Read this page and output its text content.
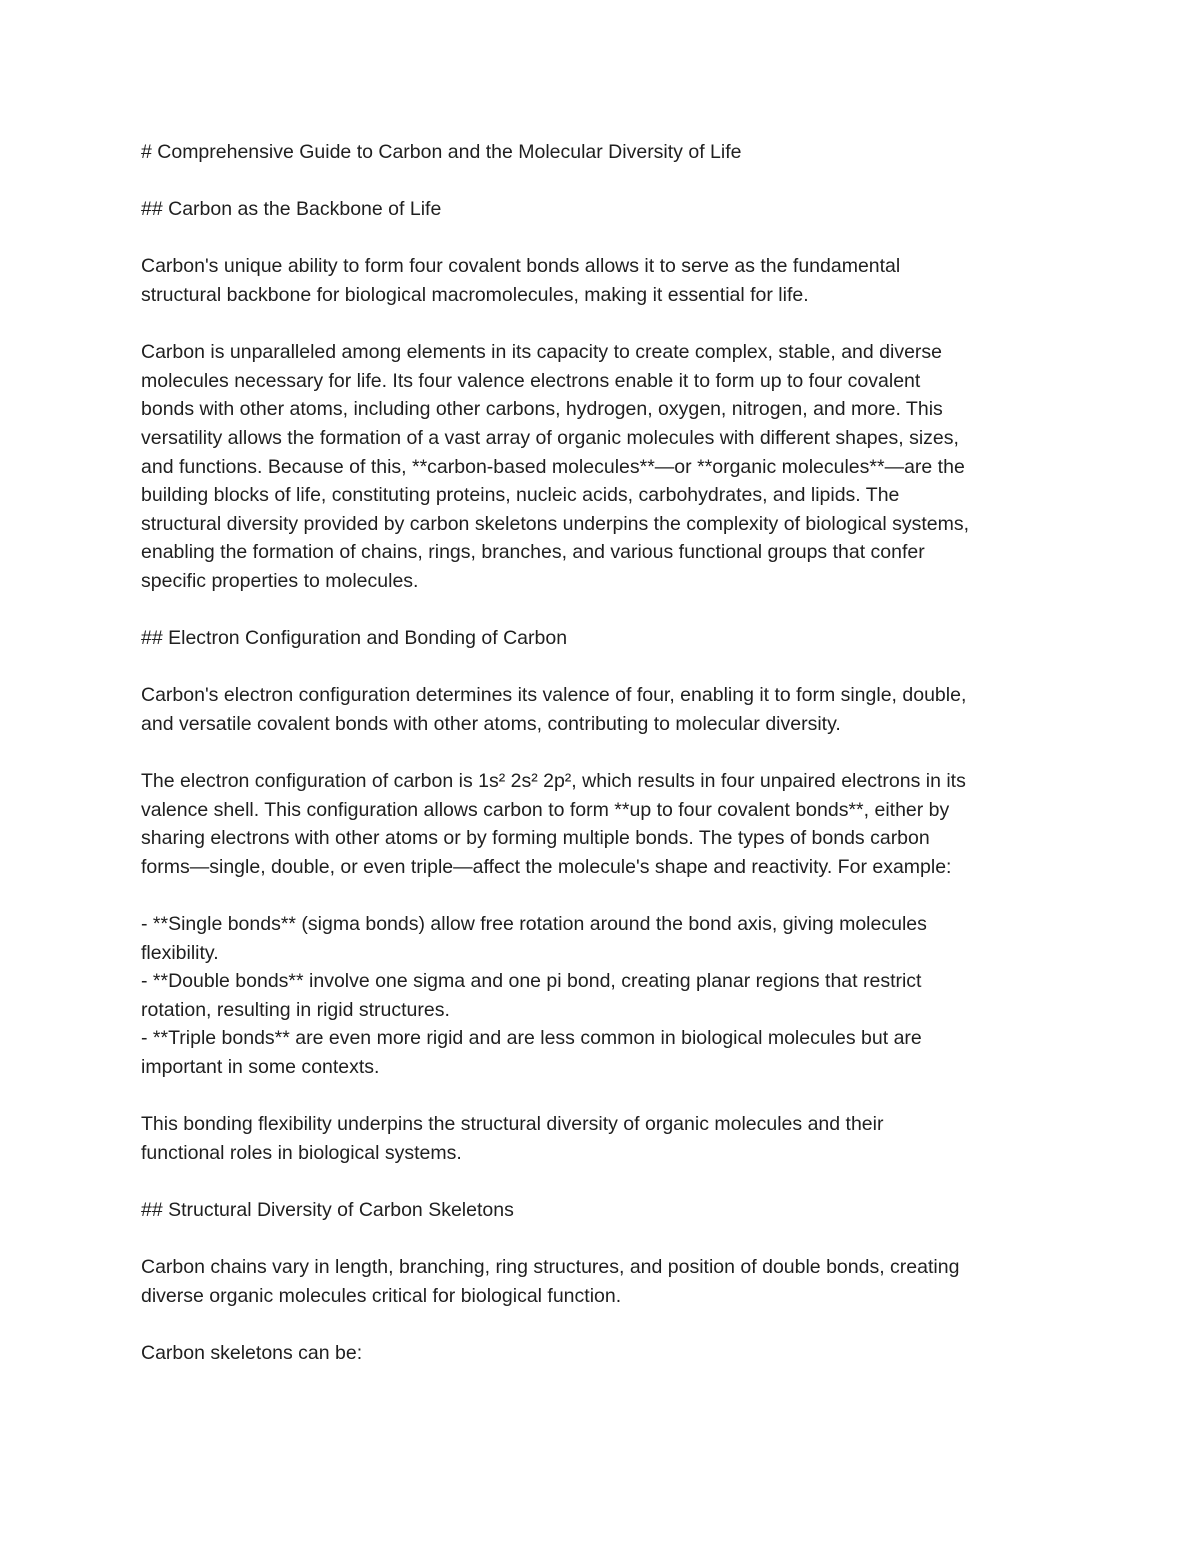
# Comprehensive Guide to Carbon and the Molecular Diversity of Life
## Carbon as the Backbone of Life
Carbon's unique ability to form four covalent bonds allows it to serve as the fundamental
structural backbone for biological macromolecules, making it essential for life.
Carbon is unparalleled among elements in its capacity to create complex, stable, and diverse
molecules necessary for life. Its four valence electrons enable it to form up to four covalent
bonds with other atoms, including other carbons, hydrogen, oxygen, nitrogen, and more. This
versatility allows the formation of a vast array of organic molecules with different shapes, sizes,
and functions. Because of this, **carbon-based molecules**—or **organic molecules**—are the
building blocks of life, constituting proteins, nucleic acids, carbohydrates, and lipids. The
structural diversity provided by carbon skeletons underpins the complexity of biological systems,
enabling the formation of chains, rings, branches, and various functional groups that confer
specific properties to molecules.
## Electron Configuration and Bonding of Carbon
Carbon's electron configuration determines its valence of four, enabling it to form single, double,
and versatile covalent bonds with other atoms, contributing to molecular diversity.
The electron configuration of carbon is 1s² 2s² 2p², which results in four unpaired electrons in its
valence shell. This configuration allows carbon to form **up to four covalent bonds**, either by
sharing electrons with other atoms or by forming multiple bonds. The types of bonds carbon
forms—single, double, or even triple—affect the molecule's shape and reactivity. For example:
- **Single bonds** (sigma bonds) allow free rotation around the bond axis, giving molecules
flexibility.
- **Double bonds** involve one sigma and one pi bond, creating planar regions that restrict
rotation, resulting in rigid structures.
- **Triple bonds** are even more rigid and are less common in biological molecules but are
important in some contexts.
This bonding flexibility underpins the structural diversity of organic molecules and their
functional roles in biological systems.
## Structural Diversity of Carbon Skeletons
Carbon chains vary in length, branching, ring structures, and position of double bonds, creating
diverse organic molecules critical for biological function.
Carbon skeletons can be:
